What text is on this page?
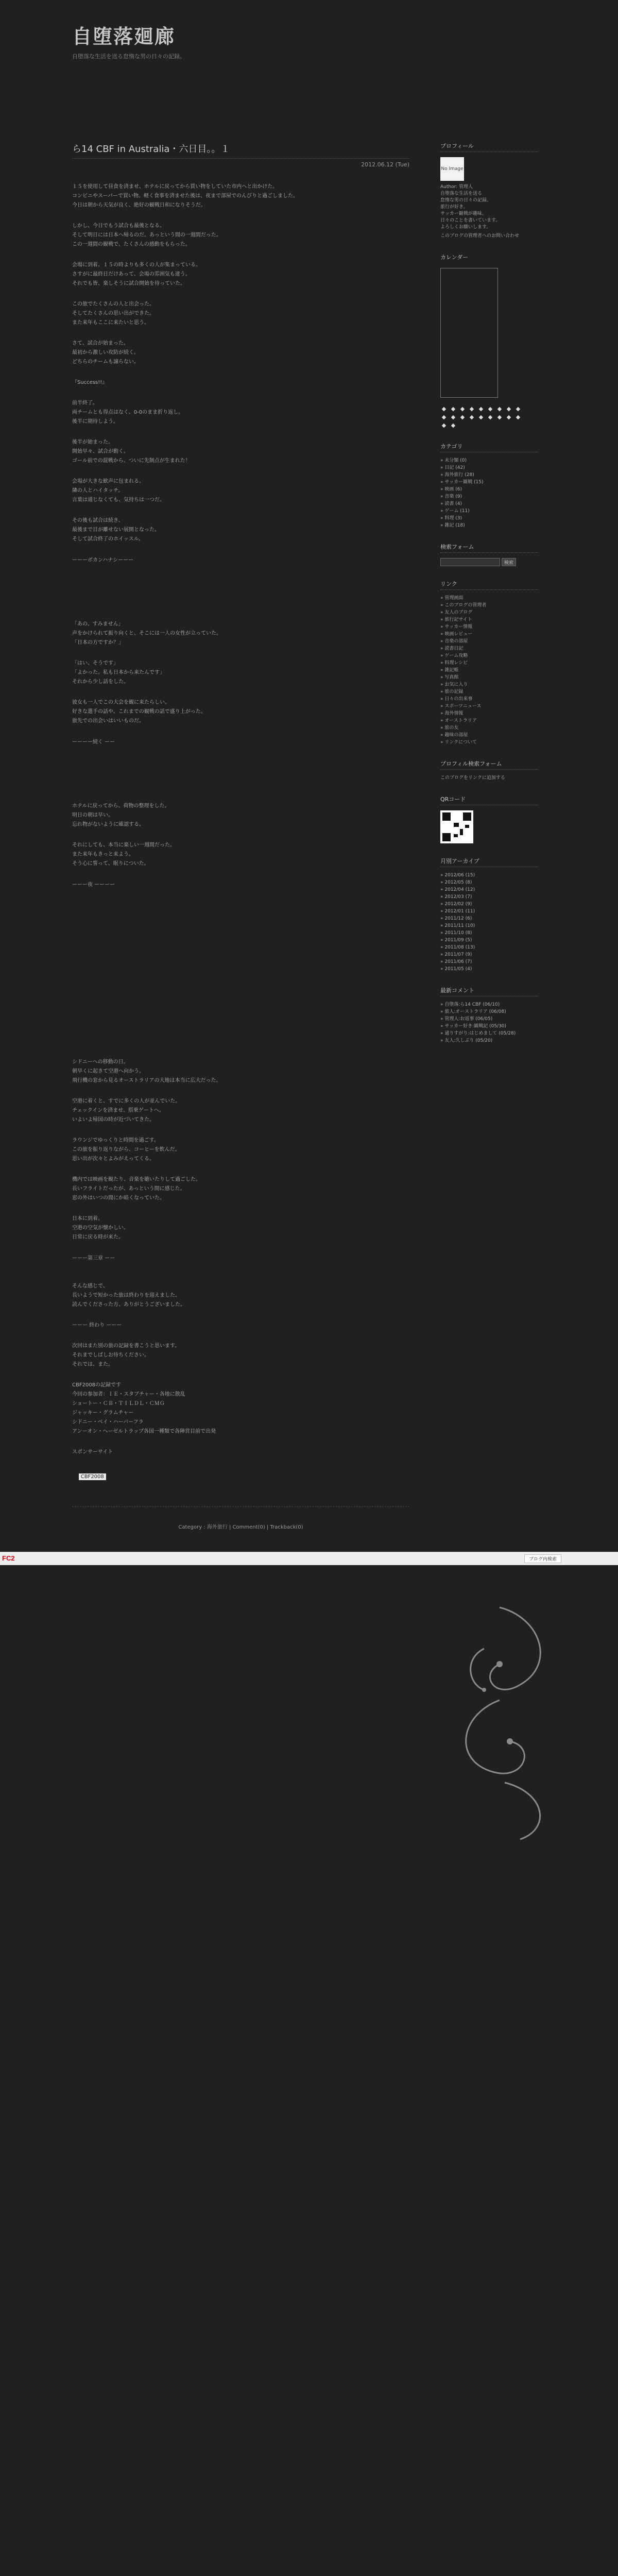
自堕落廻廊
自堕落な生活を送る怠惰な男の日々の記録。
ら14 CBF in Australia・六日目。。１
2012.06.12 (Tue)
１５を使用して昼食を済ませ、ホテルに戻ってから買い物をしていた市内へと出かけた。
コンビニやスーパーで買い物。軽く食事を済ませた後は、夜まで部屋でのんびりと過ごしました。
今日は朝から天気が良く、絶好の観戦日和になりそうだ。
しかし、今日でもう試合も最後となる。
そして明日には日本へ帰るのだ。あっという間の一週間だった。
この一週間の観戦で、たくさんの感動をもらった。
会場に到着。１５の時よりも多くの人が集まっている。
さすがに最終日だけあって、会場の雰囲気も違う。
それでも皆、楽しそうに試合開始を待っていた。
この旅でたくさんの人と出会った。
そしてたくさんの思い出ができた。
また来年もここに来たいと思う。
さて、試合が始まった。
最初から激しい攻防が続く。
どちらのチームも譲らない。
『Success!!』
前半終了。
両チームとも得点はなく、0-0のまま折り返し。
後半に期待しよう。
後半が始まった。
開始早々、試合が動く。
ゴール前での混戦から、ついに先制点が生まれた！
会場が大きな歓声に包まれる。
隣の人とハイタッチ。
言葉は通じなくても、気持ちは一つだ。
その後も試合は続き、
最後まで目が離せない展開となった。
そして試合終了のホイッスル。
ーーーボカンハナシーーー
「あの、すみません」
声をかけられて振り向くと、そこには一人の女性が立っていた。
「日本の方ですか？」
「はい、そうです」
「よかった。私も日本から来たんです」
それから少し話をした。
彼女も一人でこの大会を観に来たらしい。
好きな選手の話や、これまでの観戦の話で盛り上がった。
旅先での出会いはいいものだ。
ーーーー続く ーー
ホテルに戻ってから、荷物の整理をした。
明日の朝は早い。
忘れ物がないように確認する。
それにしても、本当に楽しい一週間だった。
また来年もきっと来よう。
そう心に誓って、眠りについた。
ーーー夜 ーーーー
シドニーへの移動の日。
朝早くに起きて空港へ向かう。
飛行機の窓から見るオーストラリアの大地は本当に広大だった。
空港に着くと、すでに多くの人が並んでいた。
チェックインを済ませ、搭乗ゲートへ。
いよいよ帰国の時が近づいてきた。
ラウンジでゆっくりと時間を過ごす。
この旅を振り返りながら、コーヒーを飲んだ。
思い出が次々とよみがえってくる。
機内では映画を観たり、音楽を聴いたりして過ごした。
長いフライトだったが、あっという間に感じた。
窓の外はいつの間にか暗くなっていた。
日本に到着。
空港の空気が懐かしい。
日常に戻る時が来た。
ーーー第三章 ーー
そんな感じで、
長いようで短かった旅は終わりを迎えました。
読んでくださった方、ありがとうございました。
ーーー 終わり ーーー
次回はまた別の旅の記録を書こうと思います。
それまでしばしお待ちください。
それでは、また。
CBF2008の記録です
今回の参加者：ＩＥ・スタブチャー・各地に散乱
ショートー・ＣＢ・ＴＩＬＤＬ・ＣＭＧ
ジャッキー・グラムチャー
シドニー・ベイ・ハーバーフラ
アンーオン・ヘーゼルトラップ各国一種類で各陣営目前で出発
スポンサーサイト

CBF2008

Category : 海外旅行 | Comment(0) | Trackback(0)
プロフィール
No Image
Author: 管理人
自堕落な生活を送る
怠惰な男の日々の記録。
旅行が好き。
サッカー観戦が趣味。
日々のことを書いています。
よろしくお願いします。
このブログの管理者へのお問い合わせ
カレンダー
◆ ◆ ◆ ◆ ◆ ◆ ◆ ◆ ◆
◆ ◆ ◆ ◆ ◆ ◆ ◆ ◆ ◆
◆ ◆
カテゴリ
» 未分類 (0)
» 日記 (42)
» 海外旅行 (28)
» サッカー観戦 (15)
» 映画 (6)
» 音楽 (9)
» 読書 (4)
» ゲーム (11)
» 料理 (3)
» 雑記 (18)
検索フォーム
検索
リンク
» 管理画面
» このブログの管理者
» 友人のブログ
» 旅行記サイト
» サッカー情報
» 映画レビュー
» 音楽の部屋
» 読書日記
» ゲーム攻略
» 料理レシピ
» 雑記帳
» 写真館
» お気に入り
» 旅の記録
» 日々の出来事
» スポーツニュース
» 海外情報
» オーストラリア
» 旅の友
» 趣味の部屋
» リンクについて
プロフィル検索フォーム
このブログをリンクに追加する
QRコード
月別アーカイブ
» 2012/06 (15)
» 2012/05 (8)
» 2012/04 (12)
» 2012/03 (7)
» 2012/02 (9)
» 2012/01 (11)
» 2011/12 (6)
» 2011/11 (10)
» 2011/10 (8)
» 2011/09 (5)
» 2011/08 (13)
» 2011/07 (9)
» 2011/06 (7)
» 2011/05 (4)
最新コメント
» 自堕落:ら14 CBF (06/10)
» 旅人:オーストラリア (06/08)
» 管理人:お返事 (06/05)
» サッカー好き:観戦記 (05/30)
» 通りすがり:はじめまして (05/28)
» 友人:久しぶり (05/20)
FC2	ブログ内検索
